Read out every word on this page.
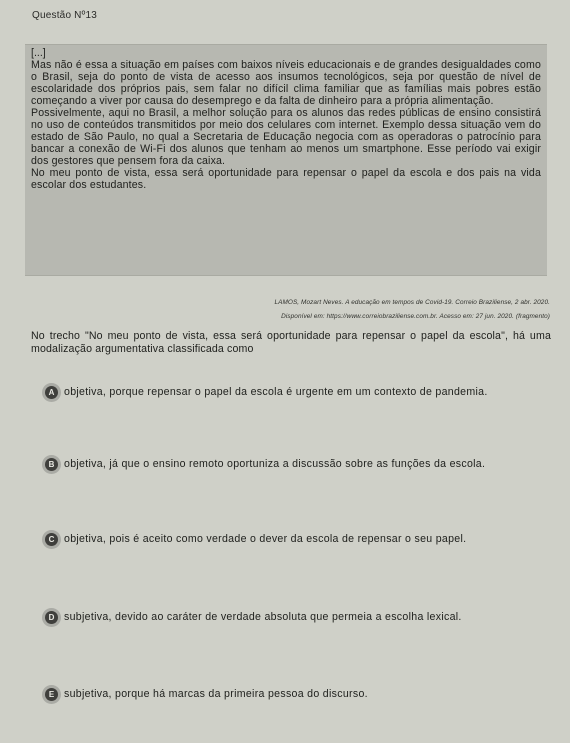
Questão Nº13

Mas não é essa a situação em países com baixos níveis educacionais e de grandes desigualdades como o Brasil, seja do ponto de vista de acesso aos insumos tecnológicos, seja por questão de nível de escolaridade dos próprios pais, sem falar no difícil clima familiar que as famílias mais pobres estão começando a viver por causa do desemprego e da falta de dinheiro para a própria alimentação.

Possivelmente, aqui no Brasil, a melhor solução para os alunos das redes públicas de ensino consistirá no uso de conteúdos transmitidos por meio dos celulares com internet. Exemplo dessa situação vem do estado de São Paulo, no qual a Secretaria de Educação negocia com as operadoras o patrocínio para bancar a conexão de Wi-Fi dos alunos que tenham ao menos um smartphone. Esse período vai exigir dos gestores que pensem fora da caixa.

No meu ponto de vista, essa será oportunidade para repensar o papel da escola e dos pais na vida escolar dos estudantes.

[...]
LAMOS, Mozart Neves. A educação em tempos de Covid-19. Correio Braziliense, 2 abr. 2020.
Disponível em: https://www.correiobraziliense.com.br. Acesso em: 27 jun. 2020. (fragmento)
No trecho "No meu ponto de vista, essa será oportunidade para repensar o papel da escola", há uma modalização argumentativa classificada como
A objetiva, porque repensar o papel da escola é urgente em um contexto de pandemia.
B objetiva, já que o ensino remoto oportuniza a discussão sobre as funções da escola.
C objetiva, pois é aceito como verdade o dever da escola de repensar o seu papel.
D subjetiva, devido ao caráter de verdade absoluta que permeia a escolha lexical.
E subjetiva, porque há marcas da primeira pessoa do discurso.
